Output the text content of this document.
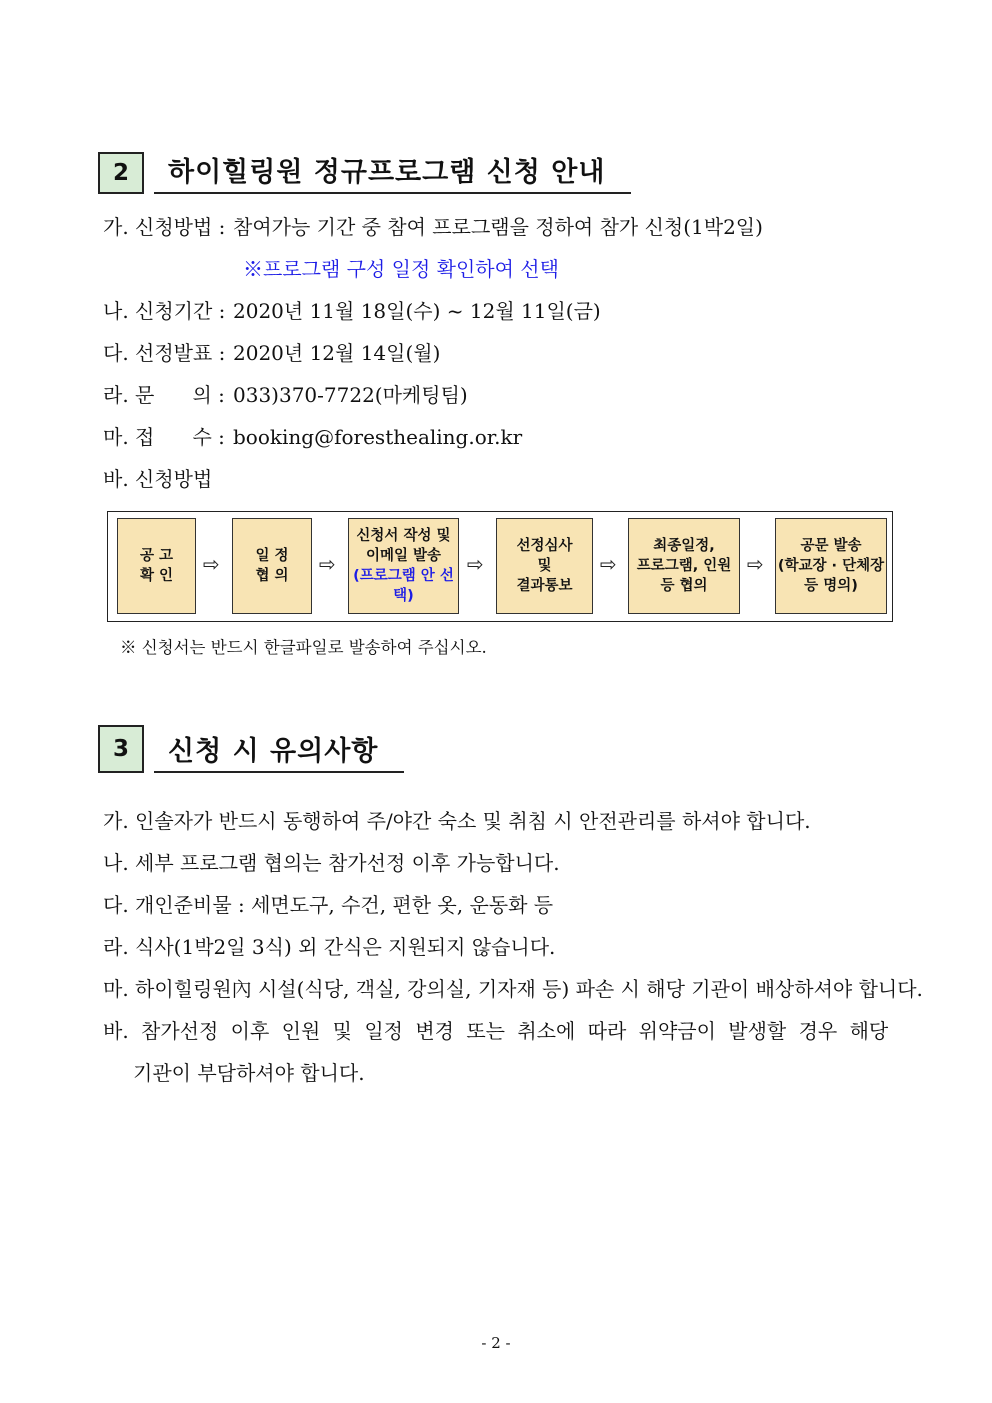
2	하이힐링원 정규프로그램 신청 안내
가. 신청방법 : 참여가능 기간 중 참여 프로그램을 정하여 참가 신청(1박2일)
※프로그램 구성 일정 확인하여 선택
나. 신청기간 : 2020년 11월 18일(수) ~ 12월 11일(금)
다. 선정발표 : 2020년 12월 14일(월)
라. 문      의 : 033)370-7722(마케팅팀)
마. 접      수 : booking@foresthealing.or.kr
바. 신청방법
공 고
확 인 ⇨ 일 정
협 의 ⇨
신청서 작성 및
이메일 발송
(프로그램 안 선택)
⇨
선정심사
및
결과통보
⇨
최종일정,
프로그램, 인원
등 협의
⇨
공문 발송
(학교장 · 단체장
등 명의)
※ 신청서는 반드시 한글파일로 발송하여 주십시오.
3	신청 시 유의사항
가. 인솔자가 반드시 동행하여 주/야간 숙소 및 취침 시 안전관리를 하셔야 합니다.
나. 세부 프로그램 협의는 참가선정 이후 가능합니다.
다. 개인준비물 : 세면도구, 수건, 편한 옷, 운동화 등
라. 식사(1박2일 3식) 외 간식은 지원되지 않습니다.
마. 하이힐링원內 시설(식당, 객실, 강의실, 기자재 등) 파손 시 해당 기관이 배상하셔야 합니다.
바. 참가선정 이후 인원 및 일정 변경 또는 취소에 따라 위약금이 발생할 경우 해당
기관이 부담하셔야 합니다.
- 2 -
